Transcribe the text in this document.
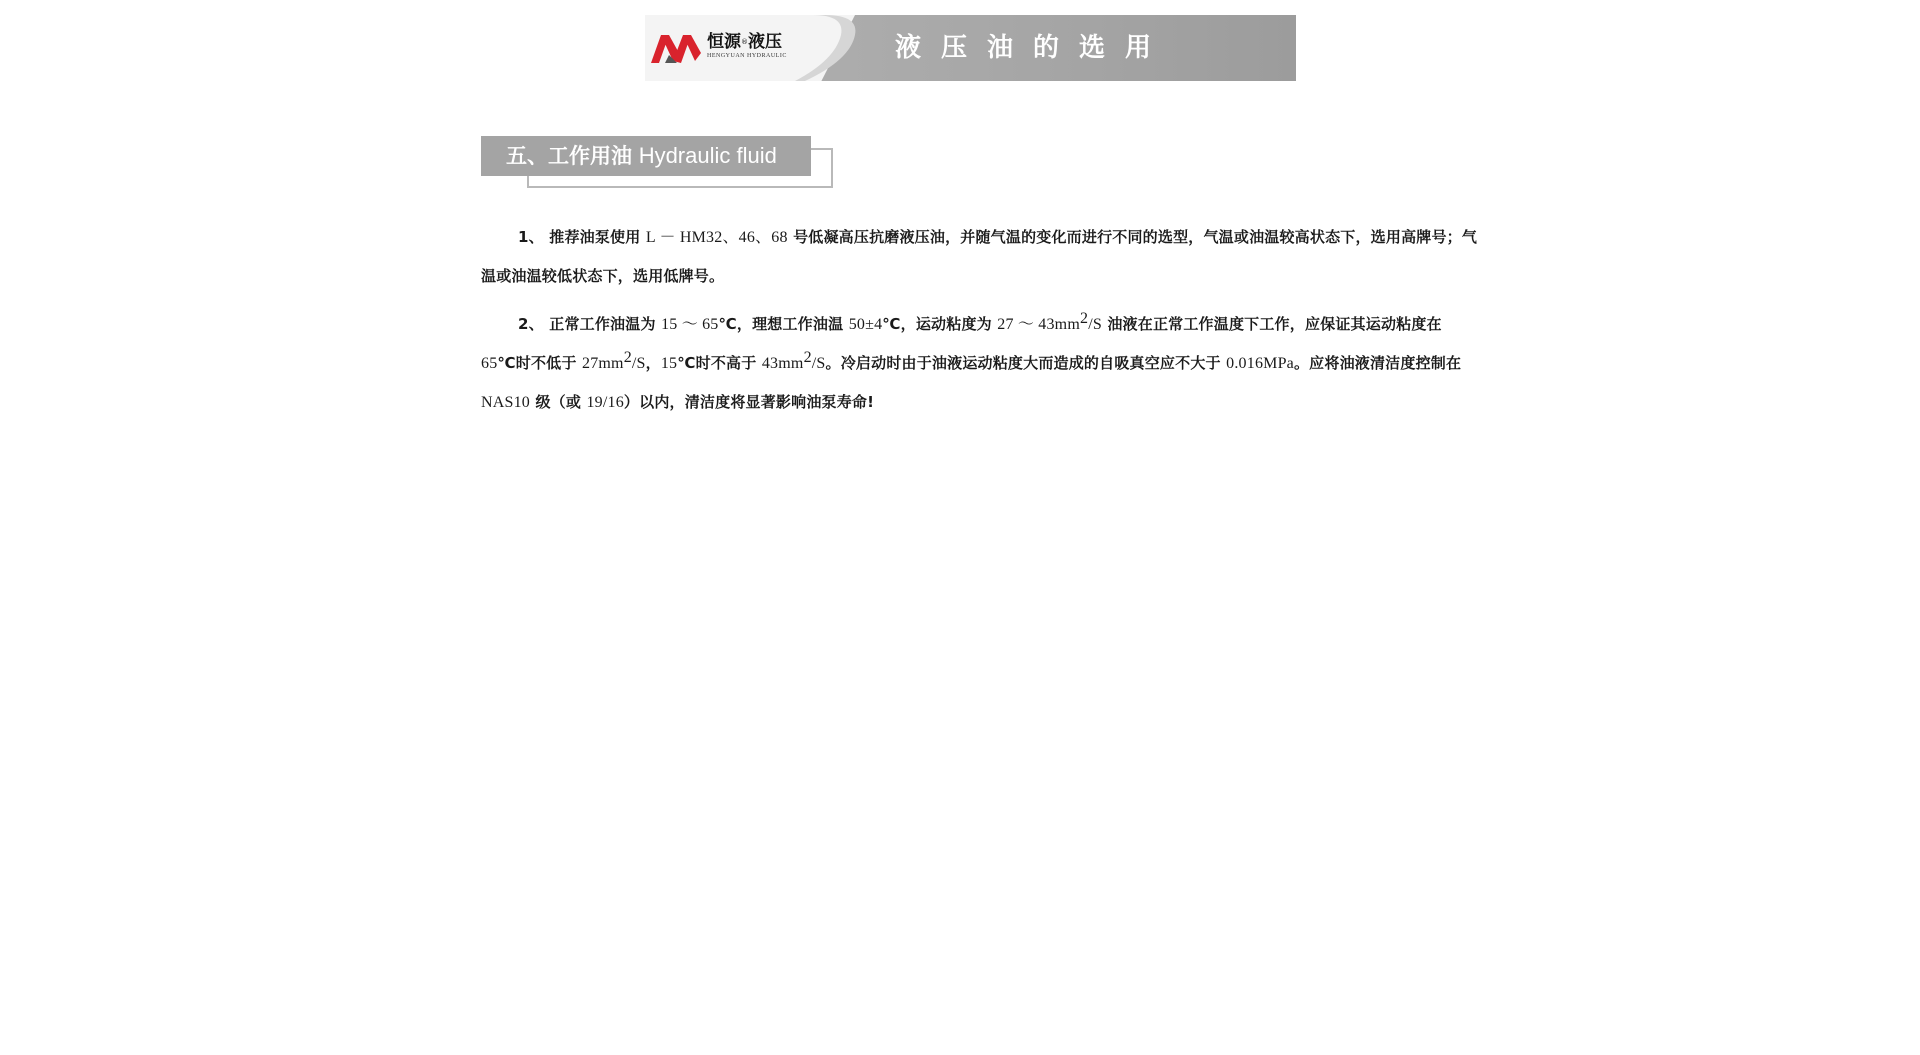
恒源®液压
HENGYUAN HYDRAULIC	液压油的选用
五、工作用油 Hydraulic fluid

1、 推荐油泵使用 L － HM32、46、68 号低凝高压抗磨液压油，并随气温的变化而进行不同的选型，气温或油温较高状态下，选用高牌号；气温或油温较低状态下，选用低牌号。

2、 正常工作油温为 15 ～ 65℃，理想工作油温 50±4℃，运动粘度为 27 ～ $43mm^2/S$ 油液在正常工作温度下工作，应保证其运动粘度在 65℃时不低于 $27mm^2/S$，15℃时不高于 $43mm^2/S$。冷启动时由于油液运动粘度大而造成的自吸真空应不大于 0.016MPa。应将油液清洁度控制在 NAS10 级（或 19/16）以内，清洁度将显著影响油泵寿命!
